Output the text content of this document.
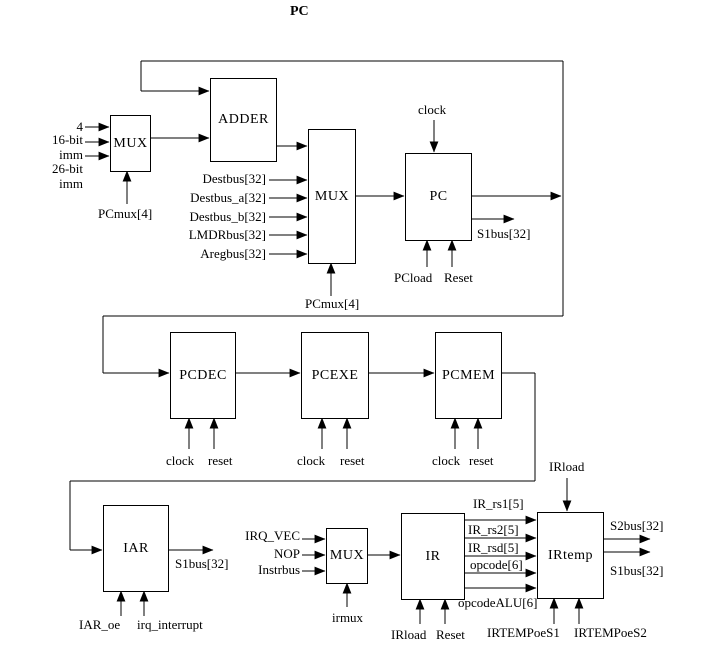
PC
MUX
ADDER
MUX	PC
PCDEC	PCEXE	PCMEM
IAR	MUX	IR	IRtemp
4
16-bit
imm
26-bit
imm
PCmux[4]
Destbus[32]
Destbus_a[32]
Destbus_b[32]
LMDRbus[32]
Aregbus[32]
PCmux[4]
clock
PCload Reset
S1bus[32]
clock reset	clock reset	clock reset	IRload
S1bus[32]
IAR_oe irq_interrupt
IRQ_VEC
NOP
Instrbus
irmux
IRload Reset
IR_rs1[5]
IR_rs2[5]
IR_rsd[5]
opcode[6]
opcodeALU[6]
S2bus[32]
S1bus[32]
IRTEMPoeS1 IRTEMPoeS2
